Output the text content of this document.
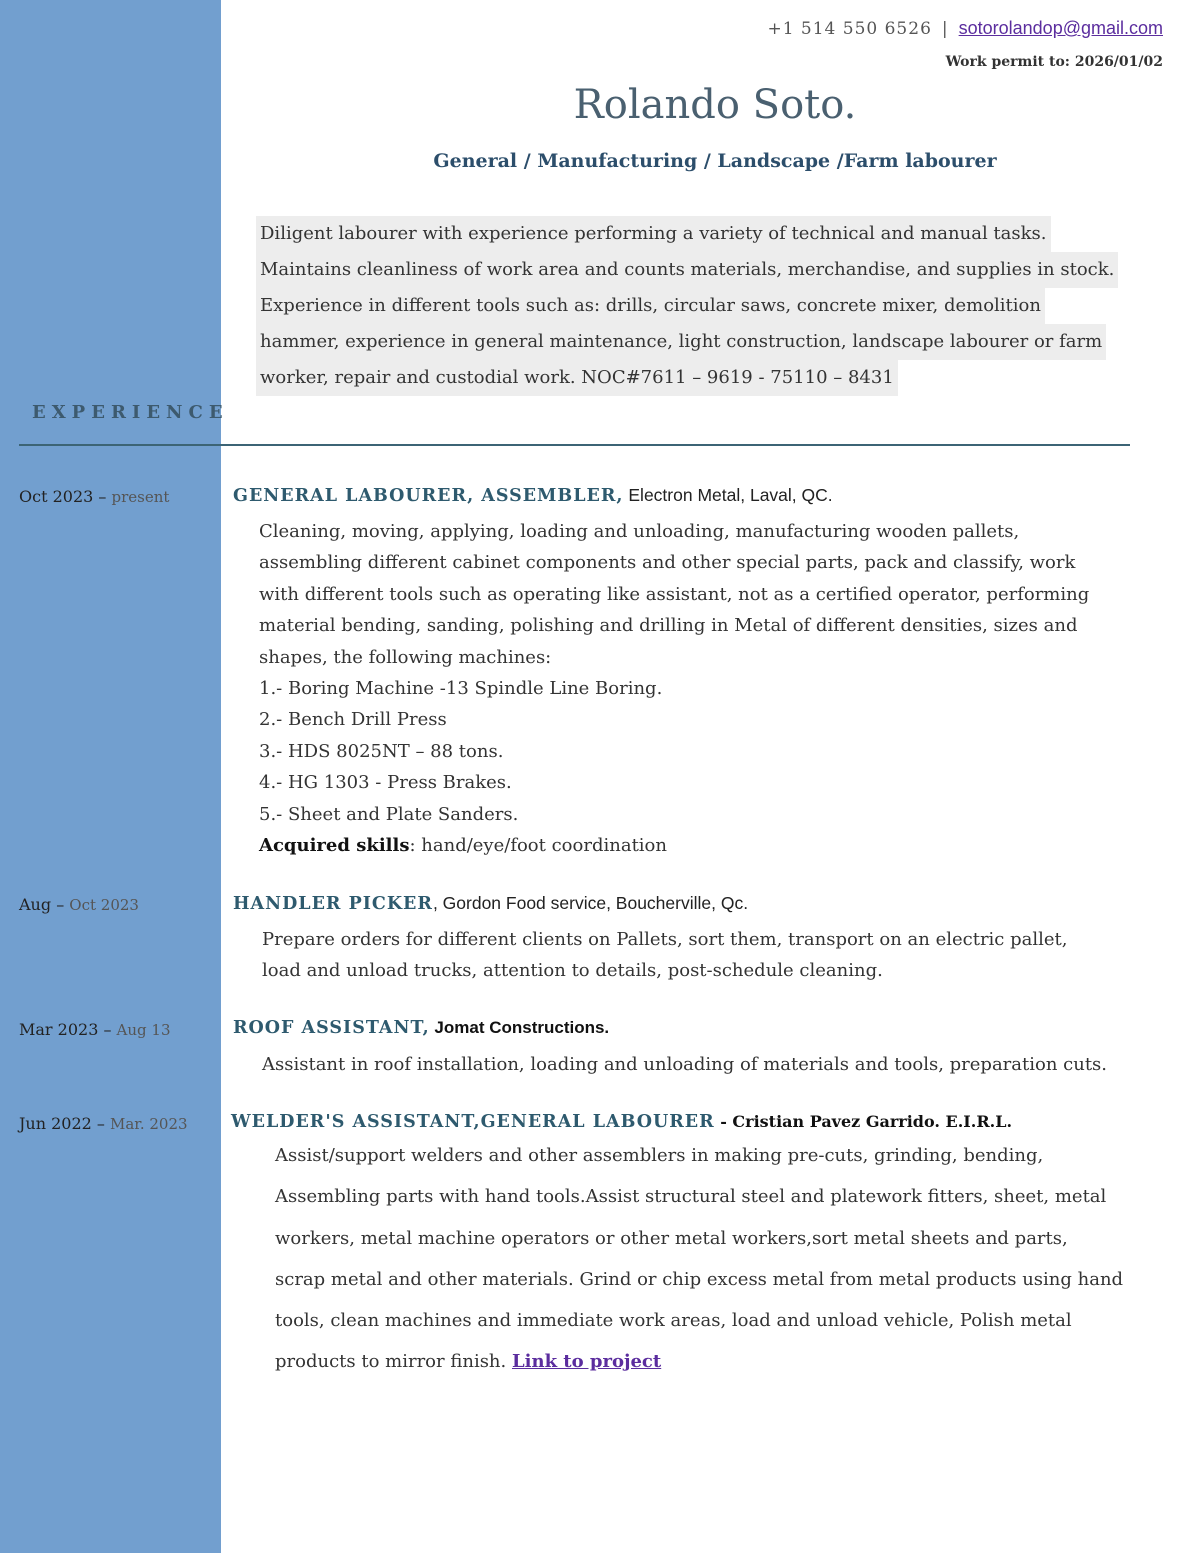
+1 514 550 6526 | sotorolandop@gmail.com
Work permit to: 2026/01/02
Rolando Soto.
General / Manufacturing / Landscape /Farm labourer
Diligent labourer with experience performing a variety of technical and manual tasks.
Maintains cleanliness of work area and counts materials, merchandise, and supplies in stock.
Experience in different tools such as: drills, circular saws, concrete mixer, demolition
hammer, experience in general maintenance, light construction, landscape labourer or farm
worker, repair and custodial work. NOC#7611 – 9619 - 75110 – 8431
EXPERIENCE
Oct 2023 – present	GENERAL LABOURER, ASSEMBLER, Electron Metal, Laval, QC.
Cleaning, moving, applying, loading and unloading, manufacturing wooden pallets,
assembling different cabinet components and other special parts, pack and classify, work
with different tools such as operating like assistant, not as a certified operator, performing
material bending, sanding, polishing and drilling in Metal of different densities, sizes and
shapes, the following machines:
1.- Boring Machine -13 Spindle Line Boring.
2.- Bench Drill Press
3.- HDS 8025NT – 88 tons.
4.- HG 1303 - Press Brakes.
5.- Sheet and Plate Sanders.
Acquired skills: hand/eye/foot coordination
Aug – Oct 2023	HANDLER PICKER, Gordon Food service, Boucherville, Qc.
Prepare orders for different clients on Pallets, sort them, transport on an electric pallet,
load and unload trucks, attention to details, post-schedule cleaning.
Mar 2023 – Aug 13	ROOF ASSISTANT, Jomat Constructions.
Assistant in roof installation, loading and unloading of materials and tools, preparation cuts.
Jun 2022 – Mar. 2023 WELDER'S ASSISTANT,GENERAL LABOURER - Cristian Pavez Garrido. E.I.R.L.
Assist/support welders and other assemblers in making pre-cuts, grinding, bending,
Assembling parts with hand tools.Assist structural steel and platework fitters, sheet, metal
workers, metal machine operators or other metal workers,sort metal sheets and parts,
scrap metal and other materials. Grind or chip excess metal from metal products using hand
tools, clean machines and immediate work areas, load and unload vehicle, Polish metal
products to mirror finish. Link to project
